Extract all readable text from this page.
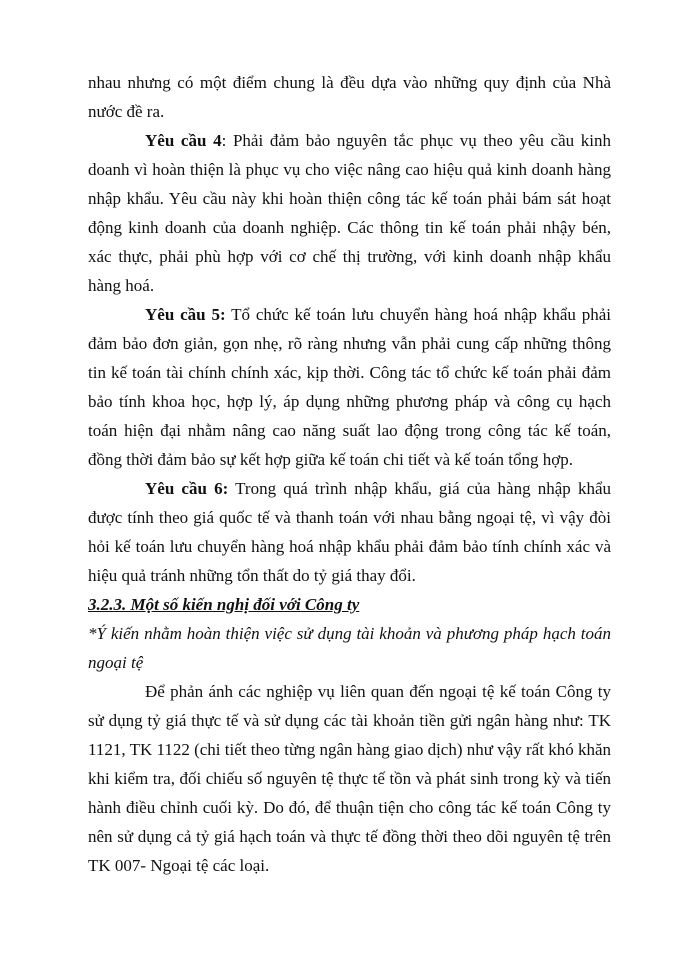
nhau nhưng có một điểm chung là đều dựa vào những quy định của Nhà nước đề ra.

Yêu cầu 4: Phải đảm bảo nguyên tắc phục vụ theo yêu cầu kinh doanh vì hoàn thiện là phục vụ cho việc nâng cao hiệu quả kinh doanh hàng nhập khẩu. Yêu cầu này khi hoàn thiện công tác kế toán phải bám sát hoạt động kinh doanh của doanh nghiệp. Các thông tin kế toán phải nhậy bén, xác thực, phải phù hợp với cơ chế thị trường, với kinh doanh nhập khẩu hàng hoá.

Yêu cầu 5: Tổ chức kế toán lưu chuyển hàng hoá nhập khẩu phải đảm bảo đơn giản, gọn nhẹ, rõ ràng nhưng vẫn phải cung cấp những thông tin kế toán tài chính chính xác, kịp thời. Công tác tổ chức kế toán phải đảm bảo tính khoa học, hợp lý, áp dụng những phương pháp và công cụ hạch toán hiện đại nhằm nâng cao năng suất lao động trong công tác kế toán, đồng thời đảm bảo sự kết hợp giữa kế toán chi tiết và kế toán tổng hợp.

Yêu cầu 6: Trong quá trình nhập khẩu, giá của hàng nhập khẩu được tính theo giá quốc tế và thanh toán với nhau bằng ngoại tệ, vì vậy đòi hỏi kế toán lưu chuyển hàng hoá nhập khẩu phải đảm bảo tính chính xác và hiệu quả tránh những tổn thất do tỷ giá thay đổi.

3.2.3. Một số kiến nghị đối với Công ty

*Ý kiến nhằm hoàn thiện việc sử dụng tài khoản và phương pháp hạch toán ngoại tệ

Để phản ánh các nghiệp vụ liên quan đến ngoại tệ kế toán Công ty sử dụng tỷ giá thực tế và sử dụng các tài khoản tiền gửi ngân hàng như: TK 1121, TK 1122 (chi tiết theo từng ngân hàng giao dịch) như vậy rất khó khăn khi kiểm tra, đối chiếu số nguyên tệ thực tế tồn và phát sinh trong kỳ và tiến hành điều chỉnh cuối kỳ. Do đó, để thuận tiện cho công tác kế toán Công ty nên sử dụng cả tỷ giá hạch toán và thực tế đồng thời theo dõi nguyên tệ trên TK 007- Ngoại tệ các loại.
